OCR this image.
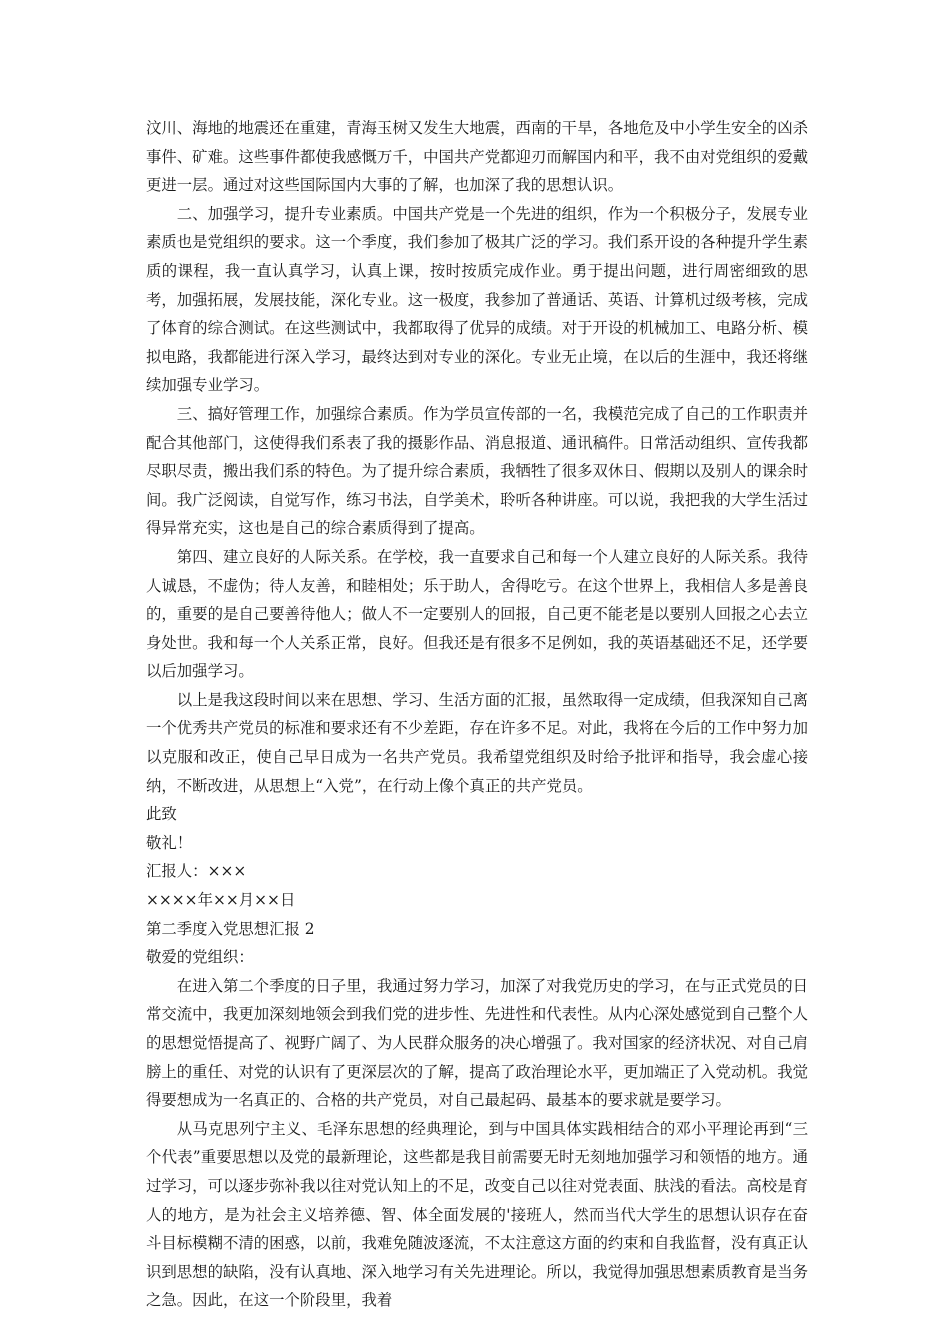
汶川、海地的地震还在重建，青海玉树又发生大地震，西南的干旱，各地危及中小学生安全的凶杀事件、矿难。这些事件都使我感慨万千，中国共产党都迎刃而解国内和平，我不由对党组织的爱戴更进一层。通过对这些国际国内大事的了解，也加深了我的思想认识。

二、加强学习，提升专业素质。中国共产党是一个先进的组织，作为一个积极分子，发展专业素质也是党组织的要求。这一个季度，我们参加了极其广泛的学习。我们系开设的各种提升学生素质的课程，我一直认真学习，认真上课，按时按质完成作业。勇于提出问题，进行周密细致的思考，加强拓展，发展技能，深化专业。这一极度，我参加了普通话、英语、计算机过级考核，完成了体育的综合测试。在这些测试中，我都取得了优异的成绩。对于开设的机械加工、电路分析、模拟电路，我都能进行深入学习，最终达到对专业的深化。专业无止境，在以后的生涯中，我还将继续加强专业学习。

三、搞好管理工作，加强综合素质。作为学员宣传部的一名，我模范完成了自己的工作职责并配合其他部门，这使得我们系表了我的摄影作品、消息报道、通讯稿件。日常活动组织、宣传我都尽职尽责，搬出我们系的特色。为了提升综合素质，我牺牲了很多双休日、假期以及别人的课余时间。我广泛阅读，自觉写作，练习书法，自学美术，聆听各种讲座。可以说，我把我的大学生活过得异常充实，这也是自己的综合素质得到了提高。

第四、建立良好的人际关系。在学校，我一直要求自己和每一个人建立良好的人际关系。我待人诚恳，不虚伪；待人友善，和睦相处；乐于助人，舍得吃亏。在这个世界上，我相信人多是善良的，重要的是自己要善待他人；做人不一定要别人的回报，自己更不能老是以要别人回报之心去立身处世。我和每一个人关系正常，良好。但我还是有很多不足例如，我的英语基础还不足，还学要以后加强学习。

以上是我这段时间以来在思想、学习、生活方面的汇报，虽然取得一定成绩，但我深知自己离一个优秀共产党员的标准和要求还有不少差距，存在许多不足。对此，我将在今后的工作中努力加以克服和改正，使自己早日成为一名共产党员。我希望党组织及时给予批评和指导，我会虚心接纳，不断改进，从思想上“入党”，在行动上像个真正的共产党员。

此致

敬礼！

汇报人：×××

××××年××月××日

第二季度入党思想汇报 2

敬爱的党组织：

在进入第二个季度的日子里，我通过努力学习，加深了对我党历史的学习，在与正式党员的日常交流中，我更加深刻地领会到我们党的进步性、先进性和代表性。从内心深处感觉到自己整个人的思想觉悟提高了、视野广阔了、为人民群众服务的决心增强了。我对国家的经济状况、对自己肩膀上的重任、对党的认识有了更深层次的了解，提高了政治理论水平，更加端正了入党动机。我觉得要想成为一名真正的、合格的共产党员，对自己最起码、最基本的要求就是要学习。

从马克思列宁主义、毛泽东思想的经典理论，到与中国具体实践相结合的邓小平理论再到“三个代表”重要思想以及党的最新理论，这些都是我目前需要无时无刻地加强学习和领悟的地方。通过学习，可以逐步弥补我以往对党认知上的不足，改变自己以往对党表面、肤浅的看法。高校是育人的地方，是为社会主义培养德、智、体全面发展的'接班人，然而当代大学生的思想认识存在奋斗目标模糊不清的困惑，以前，我难免随波逐流，不太注意这方面的约束和自我监督，没有真正认识到思想的缺陷，没有认真地、深入地学习有关先进理论。所以，我觉得加强思想素质教育是当务之急。因此，在这一个阶段里，我着
